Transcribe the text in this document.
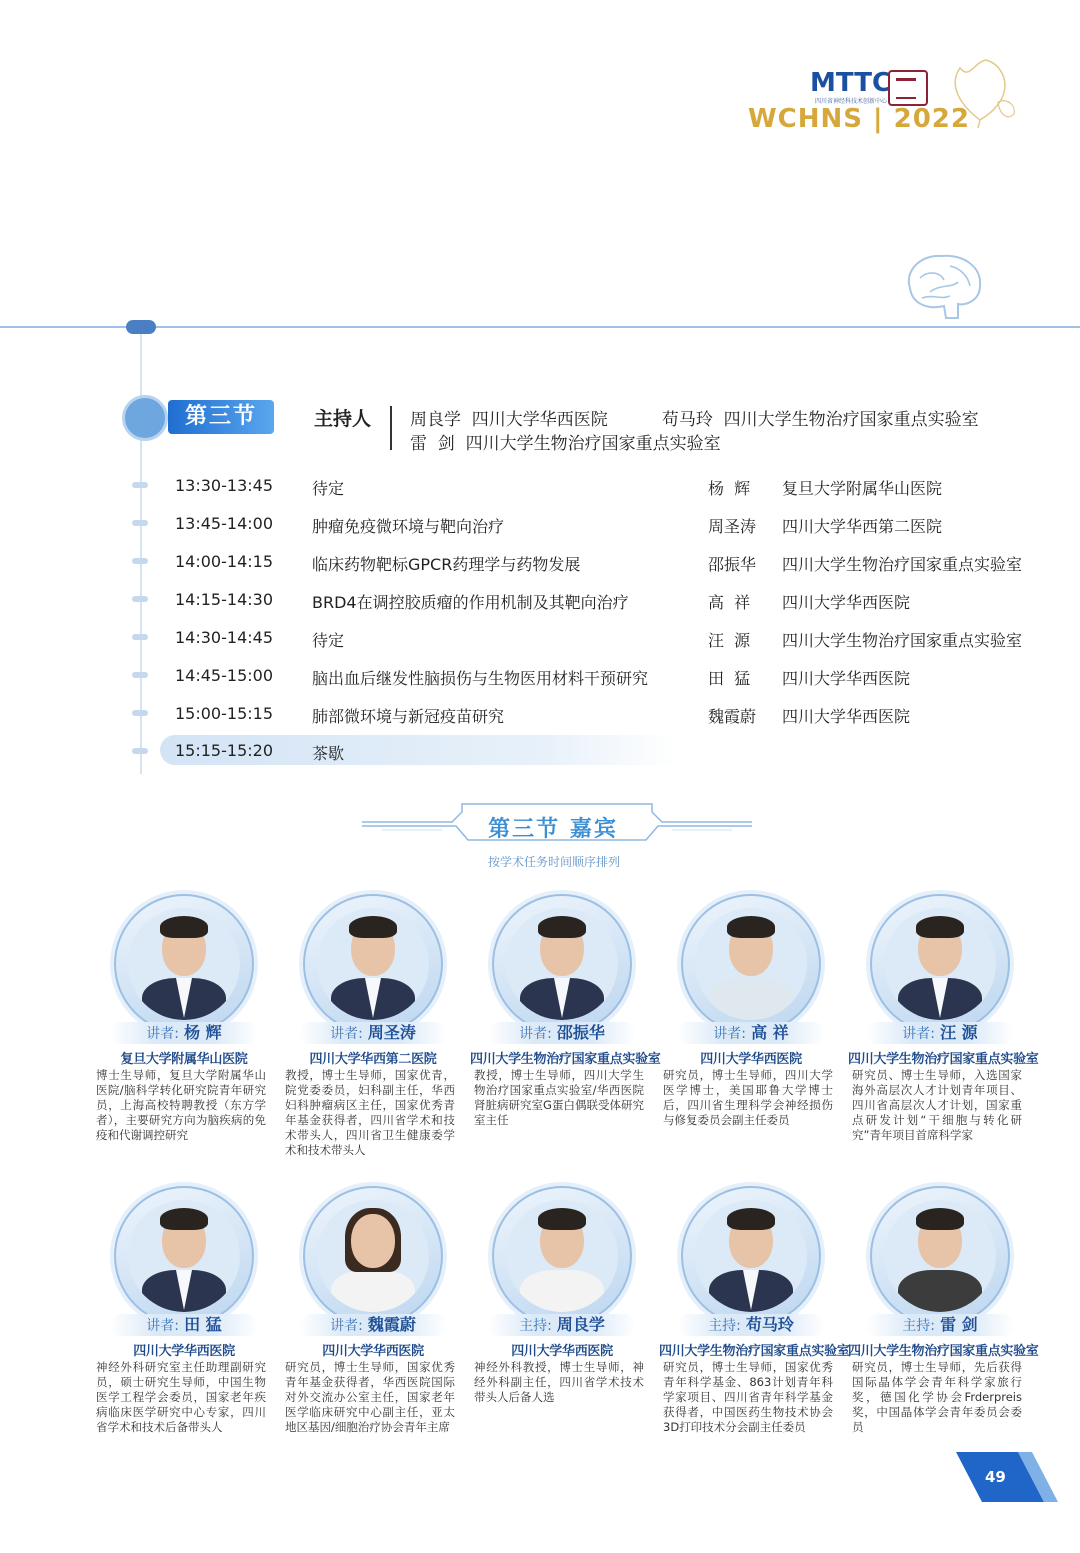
MTTC
四川省神经科技术创新中心
WCHNS | 2022
第三节	主持人 周良学  四川大学华西医院          苟马玲  四川大学生物治疗国家重点实验室
雷  剑  四川大学生物治疗国家重点实验室
13:30-13:45 待定	杨  辉 复旦大学附属华山医院
13:45-14:00 肿瘤免疫微环境与靶向治疗	周圣涛 四川大学华西第二医院
14:00-14:15 临床药物靶标GPCR药理学与药物发展	邵振华 四川大学生物治疗国家重点实验室
14:15-14:30 BRD4在调控胶质瘤的作用机制及其靶向治疗	高  祥 四川大学华西医院
14:30-14:45 待定	汪  源 四川大学生物治疗国家重点实验室
14:45-15:00 脑出血后继发性脑损伤与生物医用材料干预研究	田  猛 四川大学华西医院
15:00-15:15 肺部微环境与新冠疫苗研究	魏霞蔚 四川大学华西医院
15:15-15:20 茶歇
第三节 嘉宾
按学术任务时间顺序排列
讲者: 杨 辉
复旦大学附属华山医院
博士生导师，复旦大学附属华山医院/脑科学转化研究院青年研究员，上海高校特聘教授（东方学者），主要研究方向为脑疾病的免疫和代谢调控研究
讲者: 周圣涛
四川大学华西第二医院
教授，博士生导师，国家优青，院党委委员，妇科副主任，华西妇科肿瘤病区主任，国家优秀青年基金获得者，四川省学术和技术带头人，四川省卫生健康委学术和技术带头人
讲者: 邵振华
四川大学生物治疗国家重点实验室
教授，博士生导师，四川大学生物治疗国家重点实验室/华西医院肾脏病研究室G蛋白偶联受体研究室主任
讲者: 高 祥
四川大学华西医院
研究员，博士生导师，四川大学医学博士，美国耶鲁大学博士后，四川省生理科学会神经损伤与修复委员会副主任委员
讲者: 汪 源
四川大学生物治疗国家重点实验室
研究员、博士生导师，入选国家海外高层次人才计划青年项目、四川省高层次人才计划，国家重点研发计划“干细胞与转化研究”青年项目首席科学家
讲者: 田 猛
四川大学华西医院
神经外科研究室主任助理副研究员，硕士研究生导师，中国生物医学工程学会委员，国家老年疾病临床医学研究中心专家，四川省学术和技术后备带头人
讲者: 魏霞蔚
四川大学华西医院
研究员，博士生导师，国家优秀青年基金获得者，华西医院国际对外交流办公室主任，国家老年医学临床研究中心副主任，亚太地区基因/细胞治疗协会青年主席
主持: 周良学
四川大学华西医院
神经外科教授，博士生导师，神经外科副主任，四川省学术技术带头人后备人选
主持: 苟马玲
四川大学生物治疗国家重点实验室
研究员，博士生导师，国家优秀青年科学基金、863计划青年科学家项目、四川省青年科学基金获得者，中国医药生物技术协会3D打印技术分会副主任委员
主持: 雷 剑
四川大学生物治疗国家重点实验室
研究员，博士生导师，先后获得国际晶体学会青年科学家旅行奖，德国化学协会Frderpreis奖，中国晶体学会青年委员会委员
49
